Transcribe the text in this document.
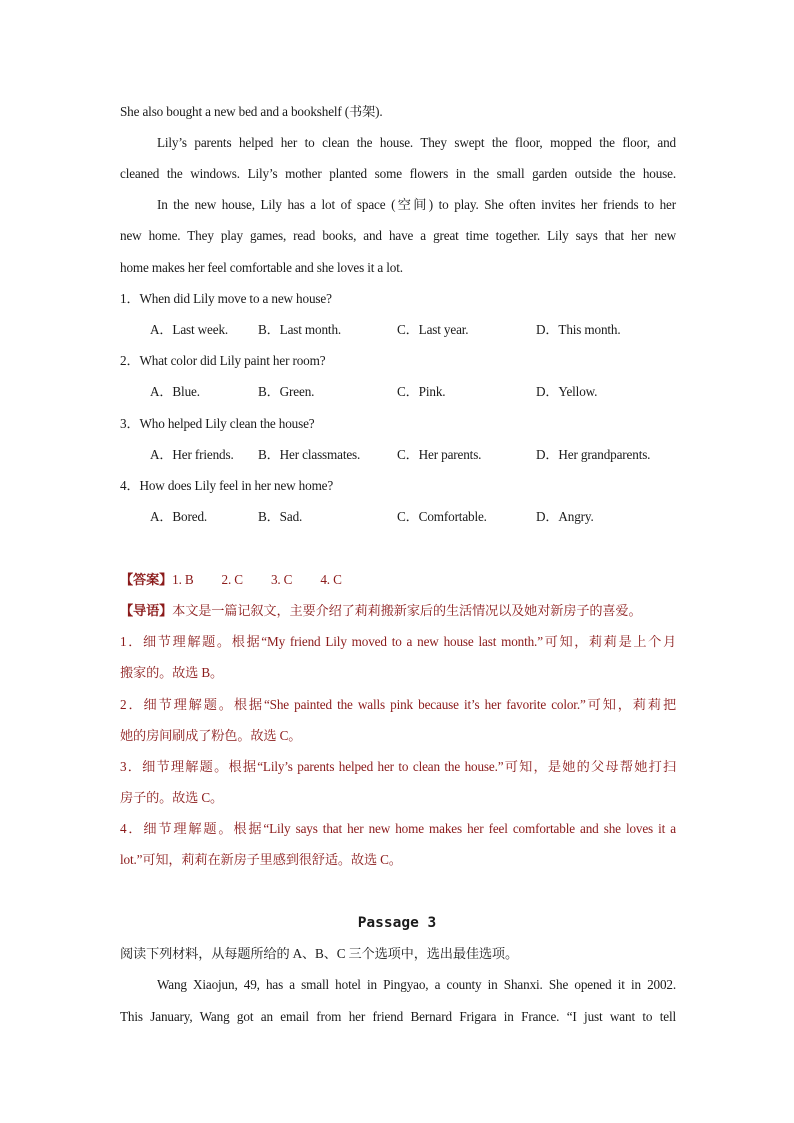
She also bought a new bed and a bookshelf (书架).
Lily’s parents helped her to clean the house. They swept the floor, mopped the floor, and
cleaned the windows. Lily’s mother planted some flowers in the small garden outside the house.
In the new house, Lily has a lot of space (空间) to play. She often invites her friends to her
new home. They play games, read books, and have a great time together. Lily says that her new
home makes her feel comfortable and she loves it a lot.
1．When did Lily move to a new house?
A．Last week. B．Last month.	C．Last year.	D．This month.
2．What color did Lily paint her room?
A．Blue.	B．Green.	C．Pink.	D．Yellow.
3．Who helped Lily clean the house?
A．Her friends. B．Her classmates.	C．Her parents.	D．Her grandparents.
4．How does Lily feel in her new home?
A．Bored.	B．Sad.	C．Comfortable.	D．Angry.
【答案】1. B 2. C 3. C 4. C
【导语】本文是一篇记叙文，主要介绍了莉莉搬新家后的生活情况以及她对新房子的喜爱。
1．细节理解题。根据“My friend Lily moved to a new house last month.”可知，莉莉是上个月
搬家的。故选 B。
2．细节理解题。根据“She painted the walls pink because it’s her favorite color.”可知，莉莉把
她的房间刷成了粉色。故选 C。
3．细节理解题。根据“Lily’s parents helped her to clean the house.”可知，是她的父母帮她打扫
房子的。故选 C。
4．细节理解题。根据“Lily says that her new home makes her feel comfortable and she loves it a
lot.”可知，莉莉在新房子里感到很舒适。故选 C。
Passage 3
阅读下列材料，从每题所给的 A、B、C 三个选项中，选出最佳选项。
Wang Xiaojun, 49, has a small hotel in Pingyao, a county in Shanxi. She opened it in 2002.
This January, Wang got an email from her friend Bernard Frigara in France. “I just want to tell
